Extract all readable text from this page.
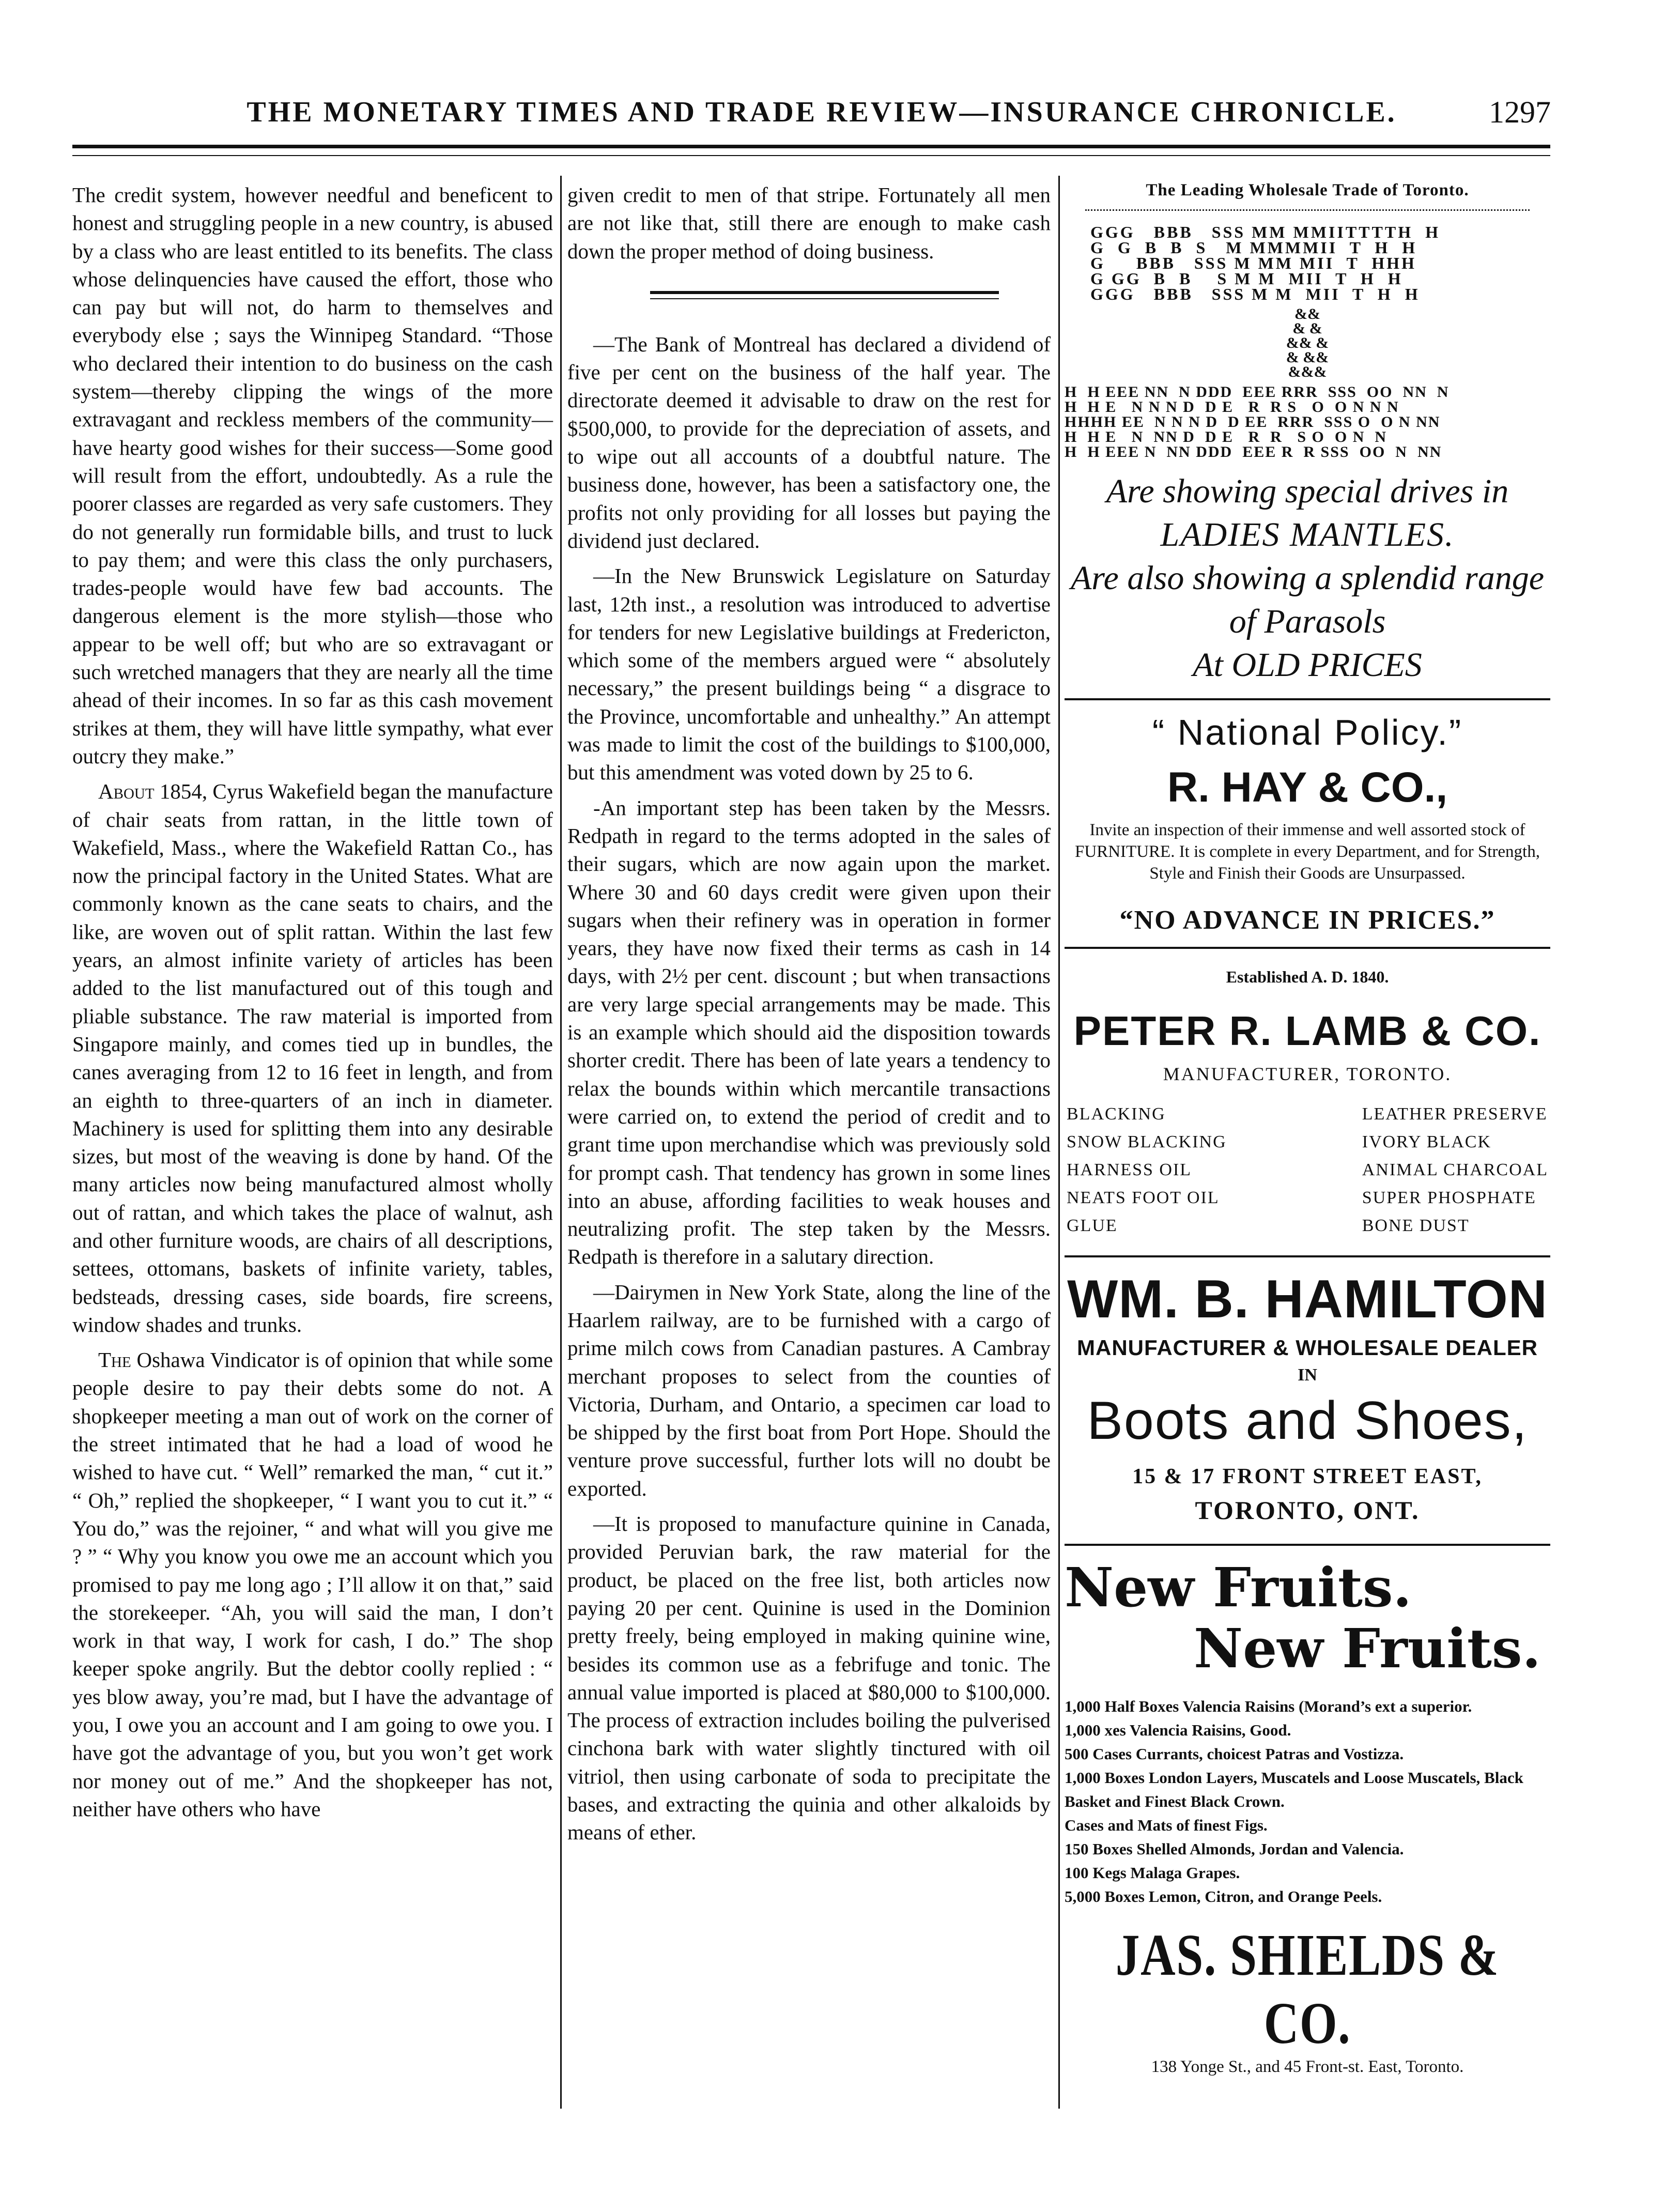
THE MONETARY TIMES AND TRADE REVIEW—INSURANCE CHRONICLE.	1297

The credit system, however needful and beneficent to honest and struggling people in a new country, is abused by a class who are least entitled to its benefits. The class whose delinquencies have caused the effort, those who can pay but will not, do harm to themselves and everybody else ; says the Winnipeg Standard. “Those who declared their intention to do business on the cash system—thereby clipping the wings of the more extravagant and reckless members of the community—have hearty good wishes for their success—Some good will result from the effort, undoubtedly. As a rule the poorer classes are regarded as very safe customers. They do not generally run formidable bills, and trust to luck to pay them; and were this class the only purchasers, trades-people would have few bad accounts. The dangerous element is the more stylish—those who appear to be well off; but who are so extravagant or such wretched managers that they are nearly all the time ahead of their incomes. In so far as this cash movement strikes at them, they will have little sympathy, what ever outcry they make.”

About 1854, Cyrus Wakefield began the manufacture of chair seats from rattan, in the little town of Wakefield, Mass., where the Wakefield Rattan Co., has now the principal factory in the United States. What are commonly known as the cane seats to chairs, and the like, are woven out of split rattan. Within the last few years, an almost infinite variety of articles has been added to the list manufactured out of this tough and pliable substance. The raw material is imported from Singapore mainly, and comes tied up in bundles, the canes averaging from 12 to 16 feet in length, and from an eighth to three-quarters of an inch in diameter. Machinery is used for splitting them into any desirable sizes, but most of the weaving is done by hand. Of the many articles now being manufactured almost wholly out of rattan, and which takes the place of walnut, ash and other furniture woods, are chairs of all descriptions, settees, ottomans, baskets of infinite variety, tables, bedsteads, dressing cases, side boards, fire screens, window shades and trunks.

The Oshawa Vindicator is of opinion that while some people desire to pay their debts some do not. A shopkeeper meeting a man out of work on the corner of the street intimated that he had a load of wood he wished to have cut. “ Well” remarked the man, “ cut it.” “ Oh,” replied the shopkeeper, “ I want you to cut it.” “ You do,” was the rejoiner, “ and what will you give me ? ” “ Why you know you owe me an account which you promised to pay me long ago ; I’ll allow it on that,” said the storekeeper. “Ah, you will said the man, I don’t work in that way, I work for cash, I do.” The shop keeper spoke angrily. But the debtor coolly replied : “ yes blow away, you’re mad, but I have the advantage of you, I owe you an account and I am going to owe you. I have got the advantage of you, but you won’t get work nor money out of me.” And the shopkeeper has not, neither have others who have

given credit to men of that stripe. Fortunately all men are not like that, still there are enough to make cash down the proper method of doing business.

—The Bank of Montreal has declared a dividend of five per cent on the business of the half year. The directorate deemed it advisable to draw on the rest for $500,000, to provide for the depreciation of assets, and to wipe out all accounts of a doubtful nature. The business done, however, has been a satisfactory one, the profits not only providing for all losses but paying the dividend just declared.

—In the New Brunswick Legislature on Saturday last, 12th inst., a resolution was introduced to advertise for tenders for new Legislative buildings at Fredericton, which some of the members argued were “ absolutely necessary,” the present buildings being “ a disgrace to the Province, uncomfortable and unhealthy.” An attempt was made to limit the cost of the buildings to $100,000, but this amendment was voted down by 25 to 6.

-An important step has been taken by the Messrs. Redpath in regard to the terms adopted in the sales of their sugars, which are now again upon the market. Where 30 and 60 days credit were given upon their sugars when their refinery was in operation in former years, they have now fixed their terms as cash in 14 days, with 2½ per cent. discount ; but when transactions are very large special arrangements may be made. This is an example which should aid the disposition towards shorter credit. There has been of late years a tendency to relax the bounds within which mercantile transactions were carried on, to extend the period of credit and to grant time upon merchandise which was previously sold for prompt cash. That tendency has grown in some lines into an abuse, affording facilities to weak houses and neutralizing profit. The step taken by the Messrs. Redpath is therefore in a salutary direction.

—Dairymen in New York State, along the line of the Haarlem railway, are to be furnished with a cargo of prime milch cows from Canadian pastures. A Cambray merchant proposes to select from the counties of Victoria, Durham, and Ontario, a specimen car load to be shipped by the first boat from Port Hope. Should the venture prove successful, further lots will no doubt be exported.

—It is proposed to manufacture quinine in Canada, provided Peruvian bark, the raw material for the product, be placed on the free list, both articles now paying 20 per cent. Quinine is used in the Dominion pretty freely, being employed in making quinine wine, besides its common use as a febrifuge and tonic. The annual value imported is placed at $80,000 to $100,000. The process of extraction includes boiling the pulverised cinchona bark with water slightly tinctured with oil vitriol, then using carbonate of soda to precipitate the bases, and extracting the quinia and other alkaloids by means of ether.

The Leading Wholesale Trade of Toronto.
GGG   BBB   SSS MM MMIITTTTH  H
G  G  B  B  S   M MMMMII  T  H  H
G     BBB   SSS M MM MII  T  HHH
G GG  B  B    S M M  MII  T  H  H
GGG   BBB   SSS M M  MII  T  H  H
&&
& &
&& &
& &&
&&&
H  H EEE NN  N DDD  EEE RRR  SSS  OO  NN  N
H  H E   N N N D  D E   R  R S   O  O N N N
HHHH EE  N N N D  D EE  RRR  SSS O  O N NN
H  H E   N  NN D  D E   R  R   S O  O N  N
H  H EEE N  NN DDD  EEE R  R SSS  OO  N  NN
Are showing special drives in
LADIES MANTLES.
Are also showing a splendid range
of Parasols
At OLD PRICES
“ National Policy.”
R. HAY & CO.,
Invite an inspection of their immense and well assorted stock of FURNITURE. It is complete in every Department, and for Strength, Style and Finish their Goods are Unsurpassed.
“NO ADVANCE IN PRICES.”
Established A. D. 1840.
PETER R. LAMB & CO.
MANUFACTURER, TORONTO.
BLACKING
SNOW BLACKING
HARNESS OIL
NEATS FOOT OIL
GLUE
LEATHER PRESERVE
IVORY BLACK
ANIMAL CHARCOAL
SUPER PHOSPHATE
BONE DUST
WM. B. HAMILTON
MANUFACTURER & WHOLESALE DEALER
IN
Boots and Shoes,
15 & 17 FRONT STREET EAST,
TORONTO, ONT.
New Fruits.
New Fruits.
1,000 Half Boxes Valencia Raisins (Morand’s ext a superior.
1,000 xes Valencia Raisins, Good.
500 Cases Currants, choicest Patras and Vostizza.
1,000 Boxes London Layers, Muscatels and Loose Muscatels, Black Basket and Finest Black Crown.
Cases and Mats of finest Figs.
150 Boxes Shelled Almonds, Jordan and Valencia.
100 Kegs Malaga Grapes.
5,000 Boxes Lemon, Citron, and Orange Peels.
JAS. SHIELDS & CO.
138 Yonge St., and 45 Front-st. East, Toronto.
